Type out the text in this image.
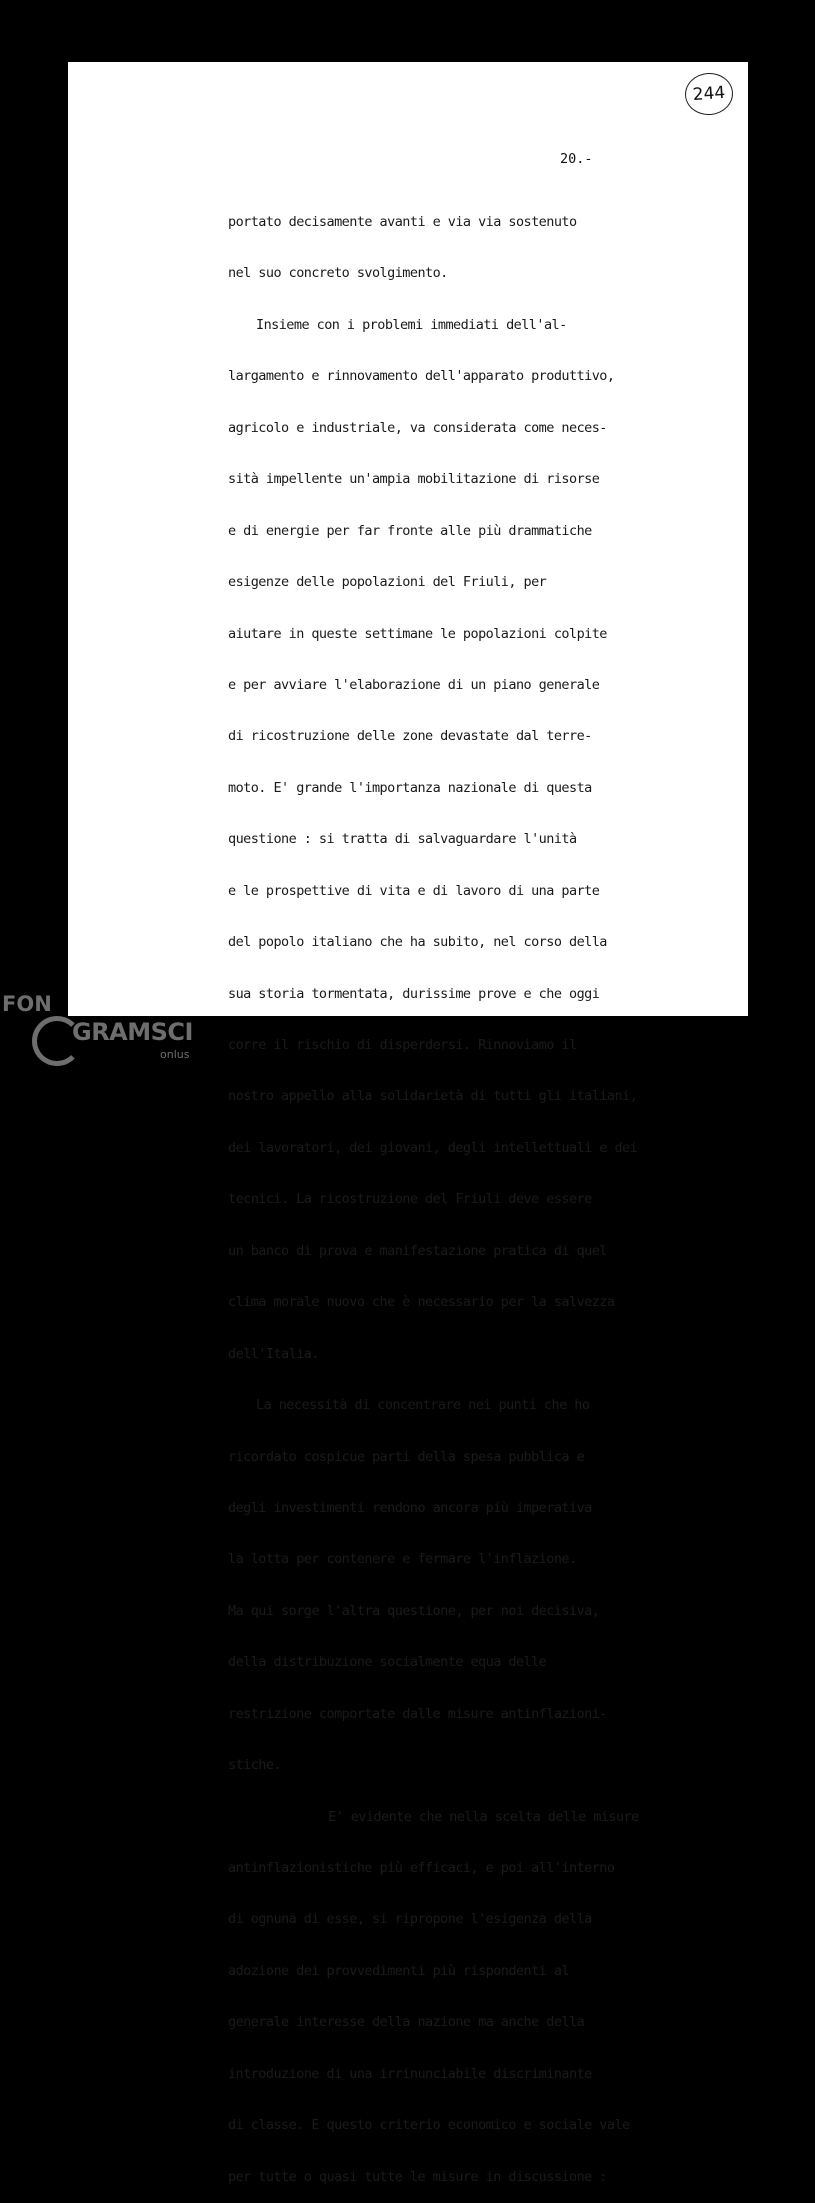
244
20.-

portato decisamente avanti e via via sostenuto

nel suo concreto svolgimento.

Insieme con i problemi immediati dell'al-

largamento e rinnovamento dell'apparato produttivo,

agricolo e industriale, va considerata come neces-

sità impellente un'ampia mobilitazione di risorse

e di energie per far fronte alle più drammatiche

esigenze delle popolazioni del Friuli, per

aiutare in queste settimane le popolazioni colpite

e per avviare l'elaborazione di un piano generale

di ricostruzione delle zone devastate dal terre-

moto. E' grande l'importanza nazionale di questa

questione : si tratta di salvaguardare l'unità

e le prospettive di vita e di lavoro di una parte

del popolo italiano che ha subito, nel corso della

sua storia tormentata, durissime prove e che oggi

corre il rischio di disperdersi. Rinnoviamo il

nostro appello alla solidarietà di tutti gli italiani,

dei lavoratori, dei giovani, degli intellettuali e dei

tecnici. La ricostruzione del Friuli deve essere

un banco di prova e manifestazione pratica di quel

clima morale nuovo che è necessario per la salvezza

dell'Italia.

La necessità di concentrare nei punti che ho

ricordato cospicue parti della spesa pubblica e

degli investimenti rendono ancora più imperativa

la lotta per contenere e fermare l'inflazione.

Ma qui sorge l'altra questione, per noi decisiva,

della distribuzione socialmente equa delle

restrizione comportate dalle misure antinflazioni-

stiche.

E' evidente che nella scelta delle misure

antinflazionistiche più efficaci, e poi all'interno

di ognuna di esse, si ripropone l'esigenza della

adozione dei provvedimenti più rispondenti al

generale interesse della nazione ma anche della

introduzione di una irrinunciabile discriminante

di classe. E questo criterio economico e sociale vale

per tutte o quasi tutte le misure in discussione :

FON
GRAMSCI
onlus
